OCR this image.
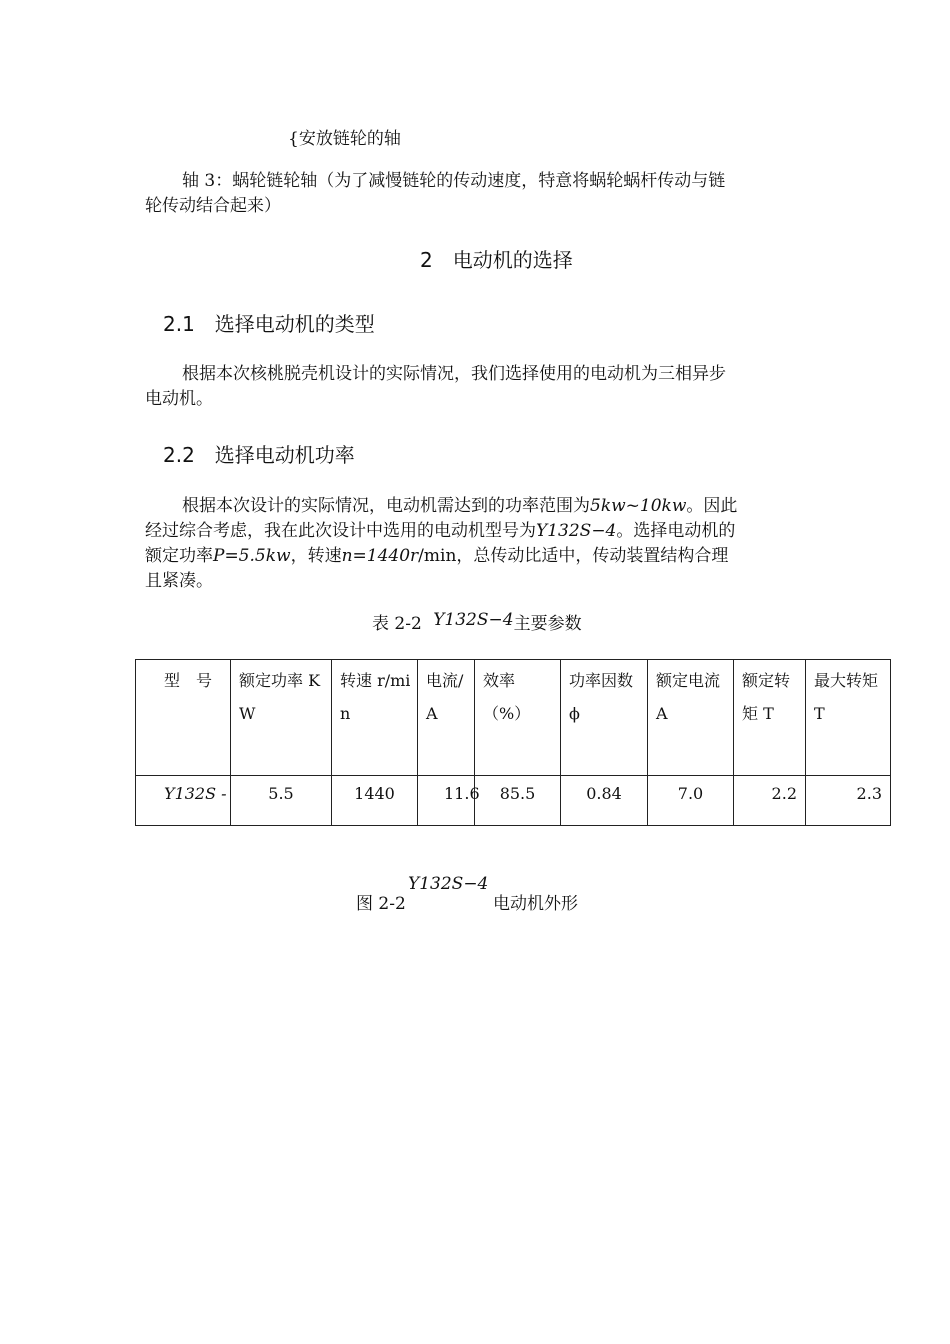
{安放链轮的轴
轴 3：蜗轮链轮轴（为了减慢链轮的传动速度，特意将蜗轮蜗杆传动与链
轮传动结合起来）
2　电动机的选择
2.1　选择电动机的类型
根据本次核桃脱壳机设计的实际情况，我们选择使用的电动机为三相异步
电动机。
2.2　选择电动机功率
根据本次设计的实际情况，电动机需达到的功率范围为5kw~10kw。因此
经过综合考虑，我在此次设计中选用的电动机型号为Y132S−4。选择电动机的
额定功率P=5.5kw，转速n=1440r/min，总传动比适中，传动装置结构合理
且紧凑。
表 2-2 Y132S−4主要参数
型　号	额定功率 KW	转速 r/min	电流/A	效率（%）	功率因数ϕ	额定电流 A	额定转矩 T	最大转矩 T

Y132S -	5.5	1440	11.6	85.5	0.84	7.0	2.2	2.3
图 2-2
Y132S−4
电动机外形
